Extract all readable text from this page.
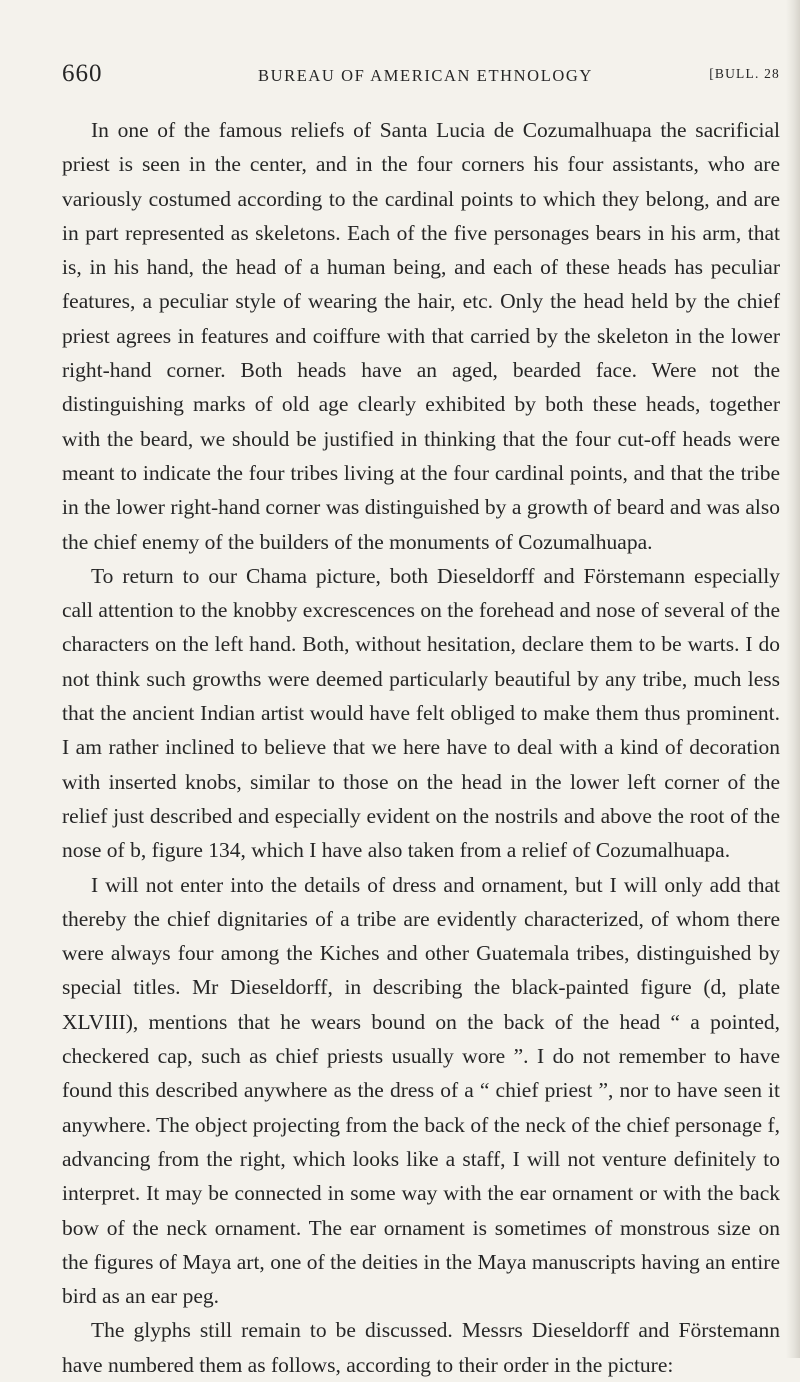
660	BUREAU OF AMERICAN ETHNOLOGY	[BULL. 28

In one of the famous reliefs of Santa Lucia de Cozumalhuapa the sacrificial priest is seen in the center, and in the four corners his four assistants, who are variously costumed according to the cardinal points to which they belong, and are in part represented as skeletons. Each of the five personages bears in his arm, that is, in his hand, the head of a human being, and each of these heads has peculiar features, a peculiar style of wearing the hair, etc. Only the head held by the chief priest agrees in features and coiffure with that carried by the skeleton in the lower right-hand corner. Both heads have an aged, bearded face. Were not the distinguishing marks of old age clearly exhibited by both these heads, together with the beard, we should be justified in thinking that the four cut-off heads were meant to indicate the four tribes living at the four cardinal points, and that the tribe in the lower right-hand corner was distinguished by a growth of beard and was also the chief enemy of the builders of the monuments of Cozumalhuapa.

To return to our Chama picture, both Dieseldorff and Förstemann especially call attention to the knobby excrescences on the forehead and nose of several of the characters on the left hand. Both, without hesitation, declare them to be warts. I do not think such growths were deemed particularly beautiful by any tribe, much less that the ancient Indian artist would have felt obliged to make them thus prominent. I am rather inclined to believe that we here have to deal with a kind of decoration with inserted knobs, similar to those on the head in the lower left corner of the relief just described and especially evident on the nostrils and above the root of the nose of b, figure 134, which I have also taken from a relief of Cozumalhuapa.

I will not enter into the details of dress and ornament, but I will only add that thereby the chief dignitaries of a tribe are evidently characterized, of whom there were always four among the Kiches and other Guatemala tribes, distinguished by special titles. Mr Dieseldorff, in describing the black-painted figure (d, plate XLVIII), mentions that he wears bound on the back of the head “ a pointed, checkered cap, such as chief priests usually wore ”. I do not remember to have found this described anywhere as the dress of a “ chief priest ”, nor to have seen it anywhere. The object projecting from the back of the neck of the chief personage f, advancing from the right, which looks like a staff, I will not venture definitely to interpret. It may be connected in some way with the ear ornament or with the back bow of the neck ornament. The ear ornament is sometimes of monstrous size on the figures of Maya art, one of the deities in the Maya manuscripts having an entire bird as an ear peg.

The glyphs still remain to be discussed. Messrs Dieseldorff and Förstemann have numbered them as follows, according to their order in the picture:
